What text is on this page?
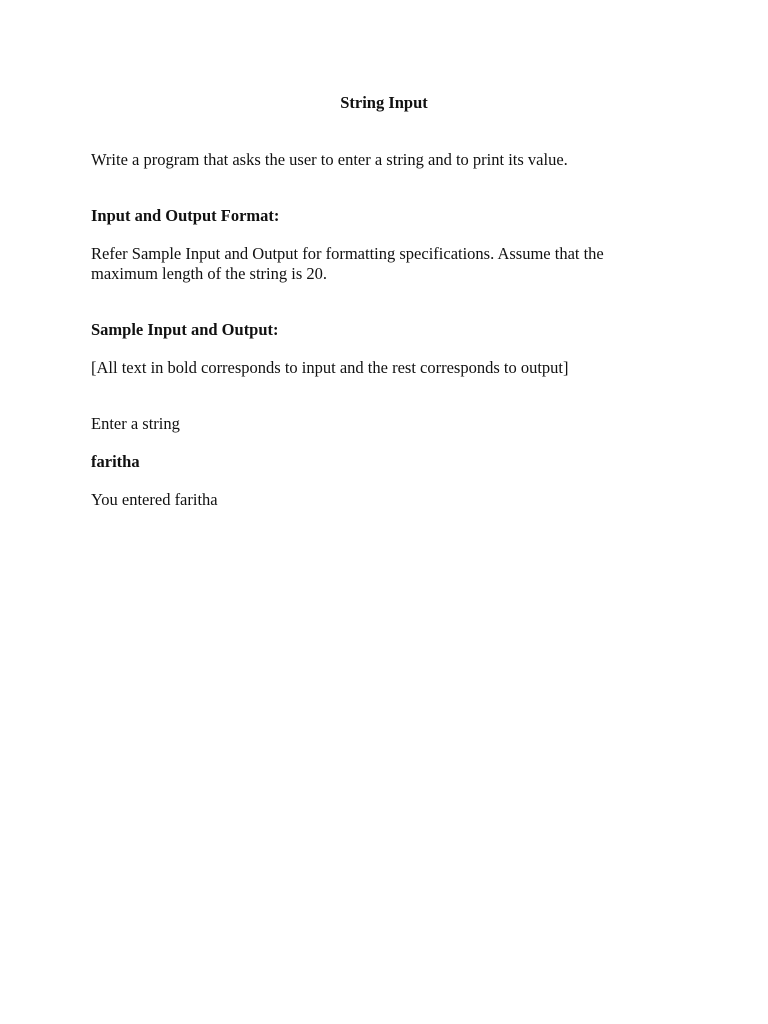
String Input

Write a program that asks the user to enter a string and to print its value.

Input and Output Format:

Refer Sample Input and Output for formatting specifications. Assume that the

maximum length of the string is 20.

Sample Input and Output:

[All text in bold corresponds to input and the rest corresponds to output]

Enter a string

faritha

You entered faritha
